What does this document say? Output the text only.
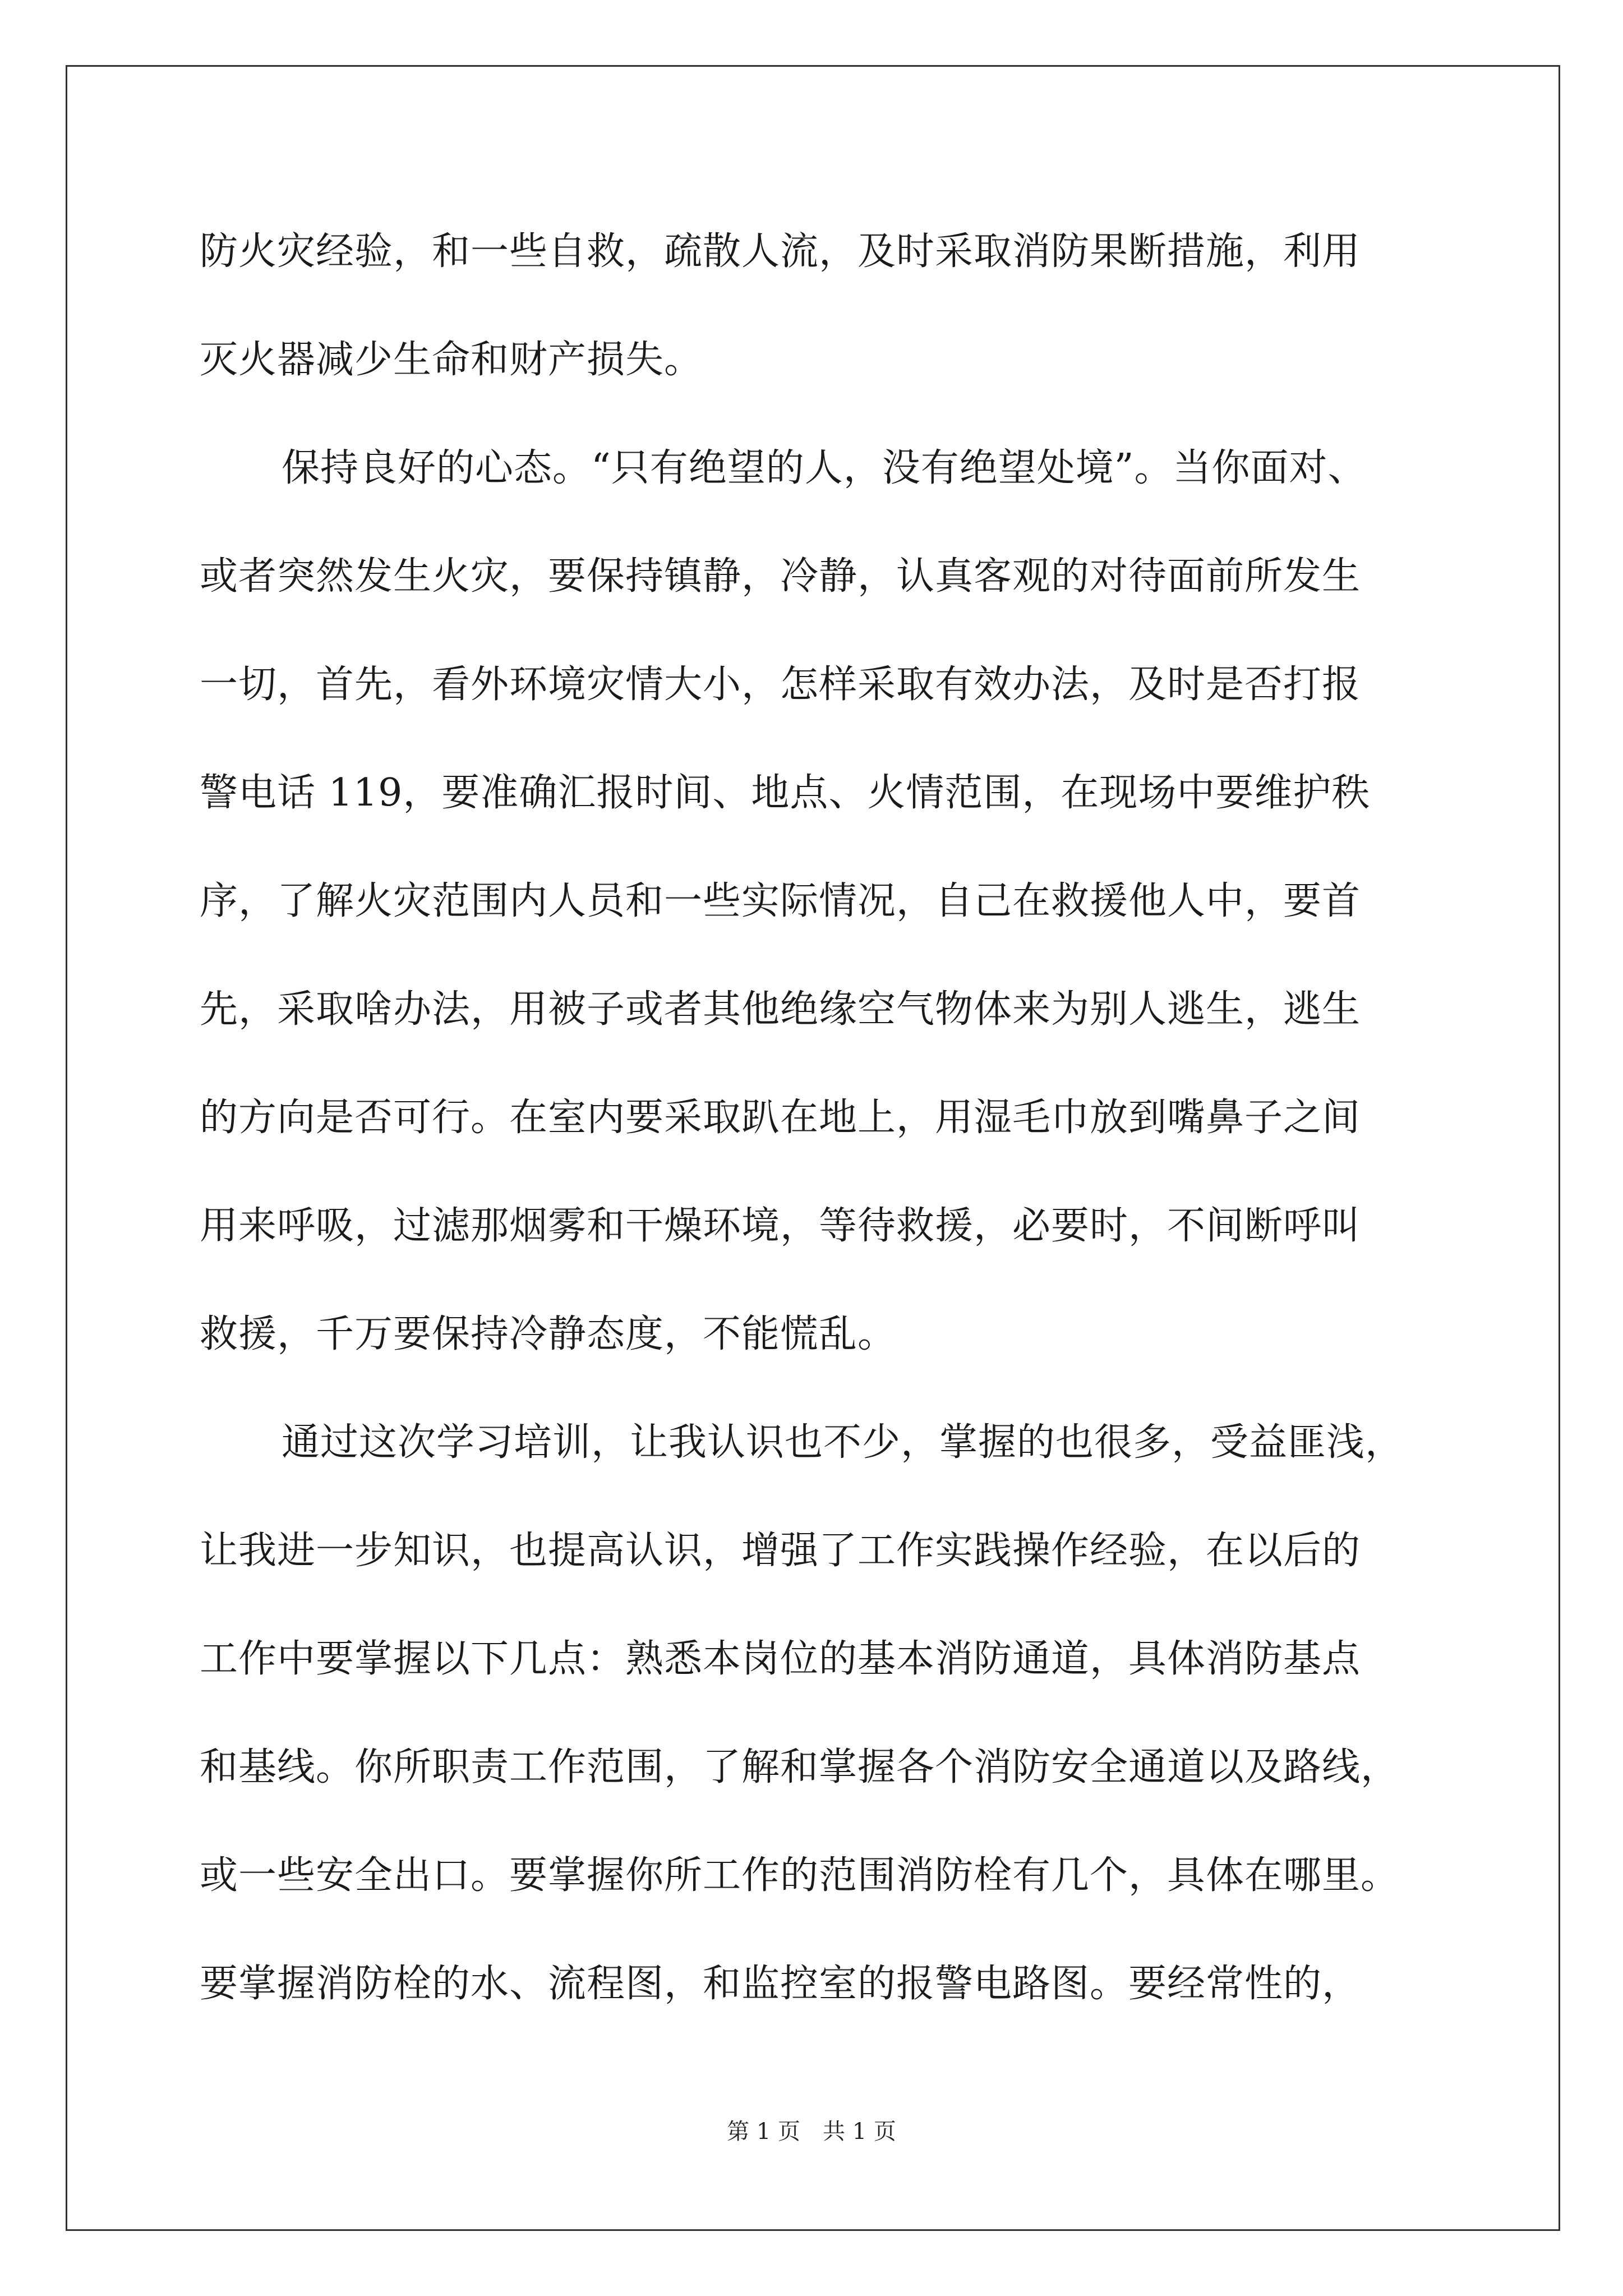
防火灾经验，和一些自救，疏散人流，及时采取消防果断措施，利用
灭火器减少生命和财产损失。
保持良好的心态。“只有绝望的人，没有绝望处境”。当你面对、
或者突然发生火灾，要保持镇静，冷静，认真客观的对待面前所发生
一切，首先，看外环境灾情大小，怎样采取有效办法，及时是否打报
警电话 119，要准确汇报时间、地点、火情范围，在现场中要维护秩
序，了解火灾范围内人员和一些实际情况，自己在救援他人中，要首
先，采取啥办法，用被子或者其他绝缘空气物体来为别人逃生，逃生
的方向是否可行。在室内要采取趴在地上，用湿毛巾放到嘴鼻子之间
用来呼吸，过滤那烟雾和干燥环境，等待救援，必要时，不间断呼叫
救援，千万要保持冷静态度，不能慌乱。
通过这次学习培训，让我认识也不少，掌握的也很多，受益匪浅，
让我进一步知识，也提高认识，增强了工作实践操作经验，在以后的
工作中要掌握以下几点：熟悉本岗位的基本消防通道，具体消防基点
和基线。你所职责工作范围，了解和掌握各个消防安全通道以及路线，
或一些安全出口。要掌握你所工作的范围消防栓有几个，具体在哪里。
要掌握消防栓的水、流程图，和监控室的报警电路图。要经常性的，
第 1 页　共 1 页
